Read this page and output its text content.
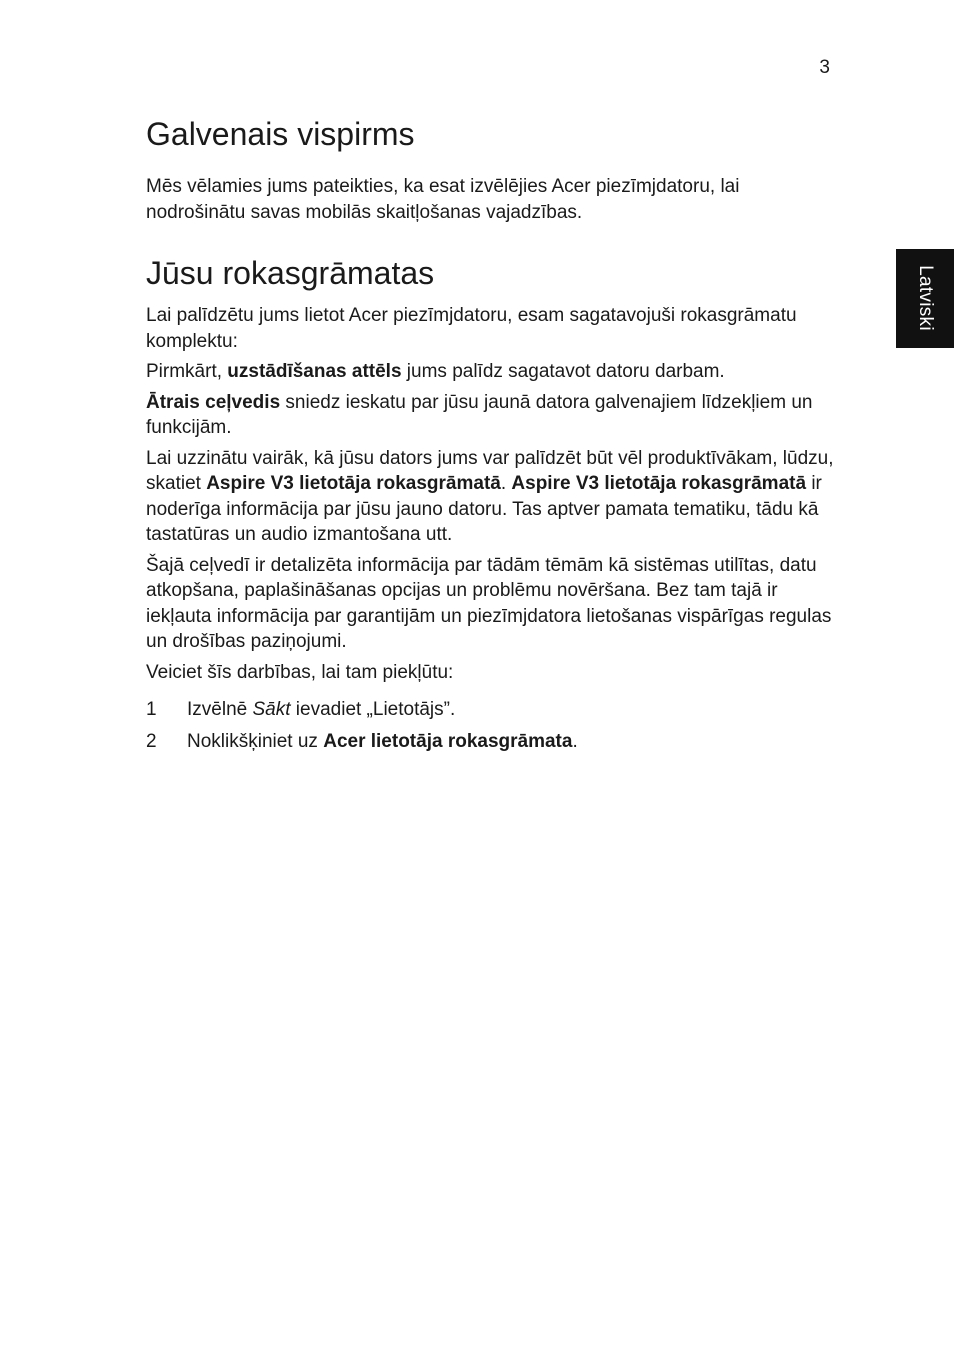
3
Latviski
Galvenais vispirms

Mēs vēlamies jums pateikties, ka esat izvēlējies Acer piezīmjdatoru, lai nodrošinātu savas mobilās skaitļošanas vajadzības.

Jūsu rokasgrāmatas

Lai palīdzētu jums lietot Acer piezīmjdatoru, esam sagatavojuši rokasgrāmatu komplektu:

Pirmkārt, uzstādīšanas attēls jums palīdz sagatavot datoru darbam.

Ātrais ceļvedis sniedz ieskatu par jūsu jaunā datora galvenajiem līdzekļiem un funkcijām.

Lai uzzinātu vairāk, kā jūsu dators jums var palīdzēt būt vēl produktīvākam, lūdzu, skatiet Aspire V3 lietotāja rokasgrāmatā. Aspire V3 lietotāja rokasgrāmatā ir noderīga informācija par jūsu jauno datoru. Tas aptver pamata tematiku, tādu kā tastatūras un audio izmantošana utt.

Šajā ceļvedī ir detalizēta informācija par tādām tēmām kā sistēmas utilītas, datu atkopšana, paplašināšanas opcijas un problēmu novēršana. Bez tam tajā ir iekļauta informācija par garantijām un piezīmjdatora lietošanas vispārīgas regulas un drošības paziņojumi.

Veiciet šīs darbības, lai tam piekļūtu:

1	Izvēlnē Sākt ievadiet „Lietotājs”.
2	Noklikšķiniet uz Acer lietotāja rokasgrāmata.
